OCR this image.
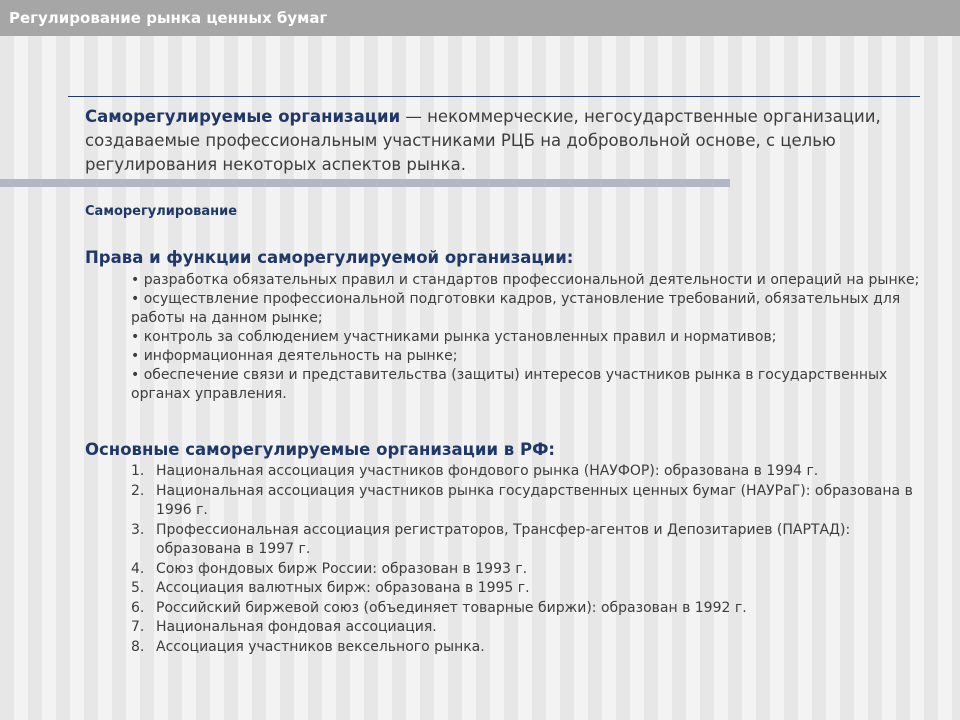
Регулирование рынка ценных бумаг
Саморегулируемые организации — некоммерческие, негосударственные организации, создаваемые профессиональным участниками РЦБ на добровольной основе, с целью регулирования некоторых аспектов рынка.
Саморегулирование
Права и функции саморегулируемой организации:
• разработка обязательных правил и стандартов профессиональной деятельности и операций на рынке;
• осуществление профессиональной подготовки кадров, установление требований, обязательных для работы на данном рынке;
• контроль за соблюдением участниками рынка установленных правил и нормативов;
• информационная деятельность на рынке;
• обеспечение связи и представительства (защиты) интересов участников рынка в государственных органах управления.
Основные саморегулируемые организации в РФ:
1. Национальная ассоциация участников фондового рынка (НАУФОР): образована в 1994 г.
2. Национальная ассоциация участников рынка государственных ценных бумаг (НАУРаГ): образована в 1996 г.
3. Профессиональная ассоциация регистраторов, Трансфер-агентов и Депозитариев (ПАРТАД): образована в 1997 г.
4. Союз фондовых бирж России: образован в 1993 г.
5. Ассоциация валютных бирж: образована в 1995 г.
6. Российский биржевой союз (объединяет товарные биржи): образован в 1992 г.
7. Национальная фондовая ассоциация.
8. Ассоциация участников вексельного рынка.
